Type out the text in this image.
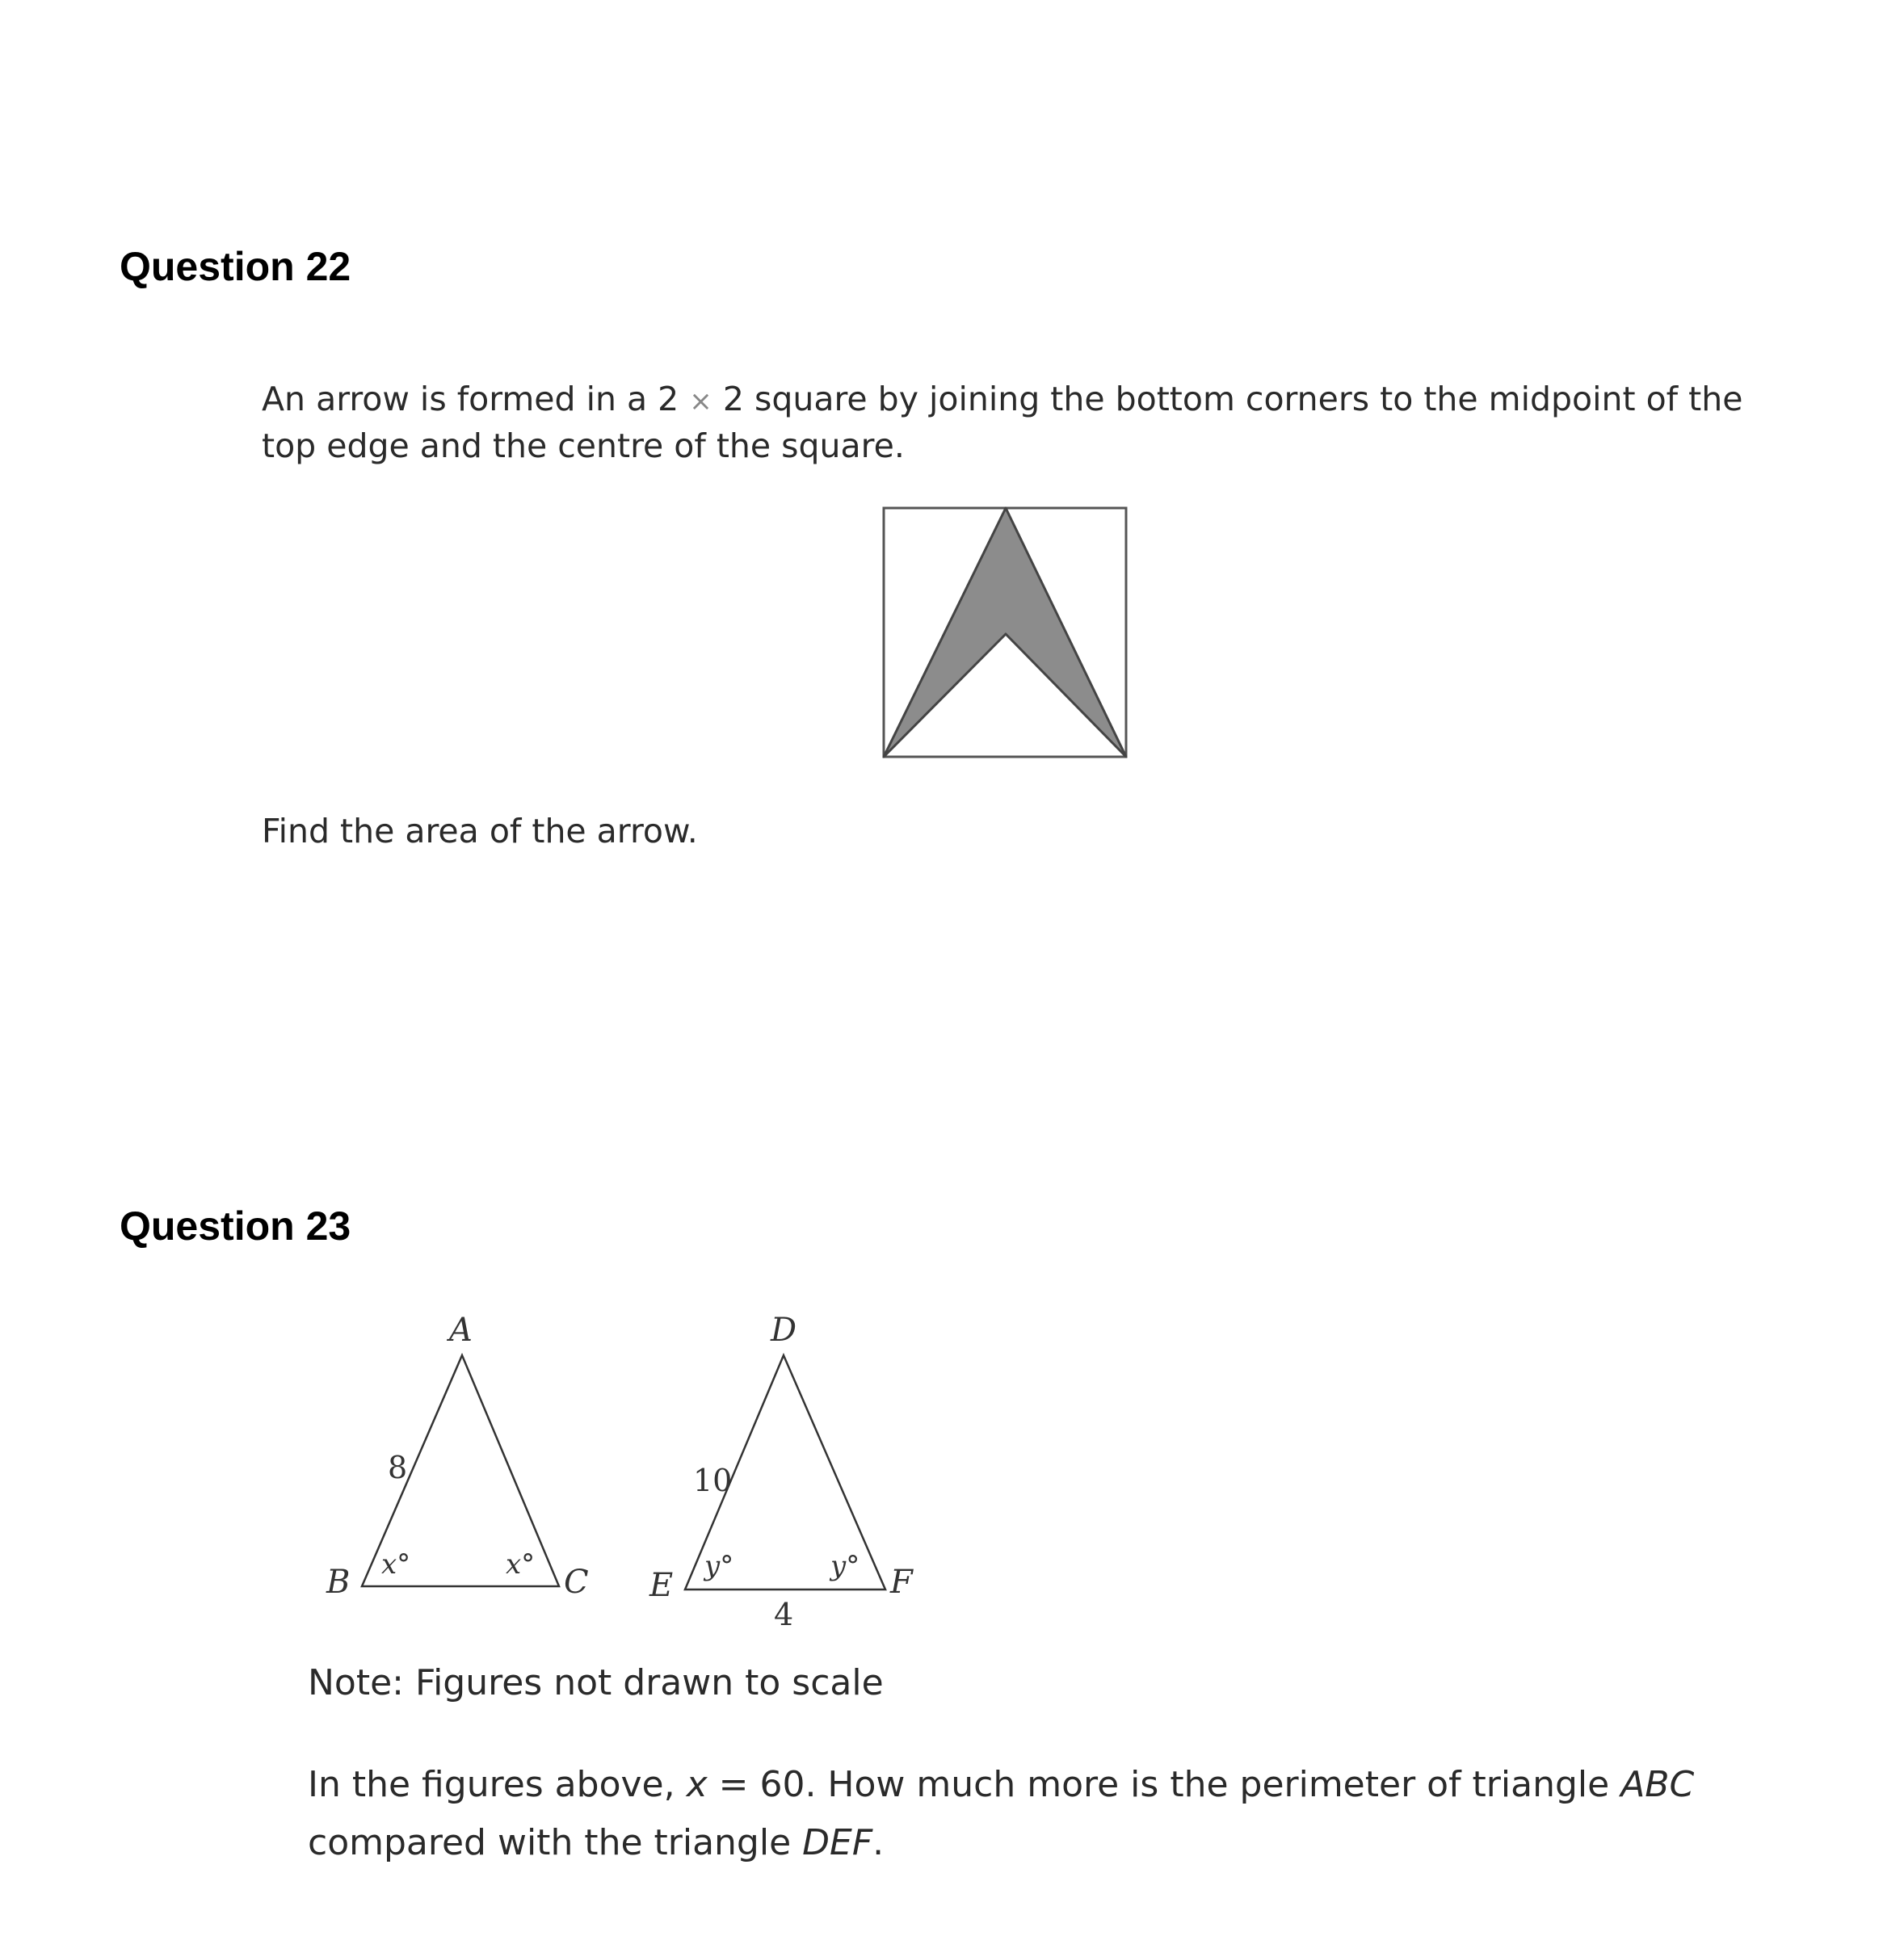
Question 22

An arrow is formed in a 2 × 2 square by joining the bottom corners to the midpoint of the top edge and the centre of the square.

Find the area of the arrow.

Question 23
A
B	C
8
x°	x°
D
E	F
10
4
y°	y°

Note: Figures not drawn to scale

In the figures above, x = 60. How much more is the perimeter of triangle ABC
compared with the triangle DEF.
